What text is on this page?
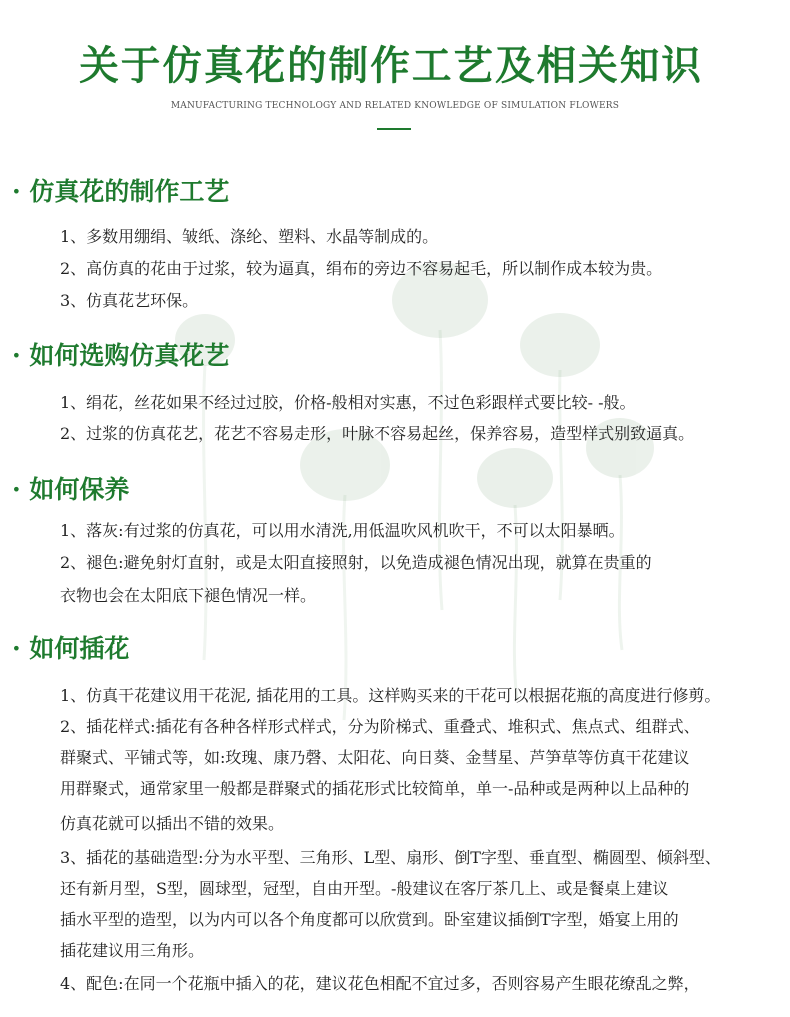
关于仿真花的制作工艺及相关知识
MANUFACTURING TECHNOLOGY AND RELATED KNOWLEDGE OF SIMULATION FLOWERS
· 仿真花的制作工艺
1、多数用绷绢、皱纸、涤纶、塑料、水晶等制成的。
2、高仿真的花由于过浆，较为逼真，绢布的旁边不容易起毛，所以制作成本较为贵。
3、仿真花艺环保。
· 如何选购仿真花艺
1、绢花，丝花如果不经过过胶，价格-般相对实惠，不过色彩跟样式要比较- -般。
2、过浆的仿真花艺，花艺不容易走形，叶脉不容易起丝，保养容易，造型样式别致逼真。
· 如何保养
1、落灰:有过浆的仿真花，可以用水清洗,用低温吹风机吹干，不可以太阳暴晒。
2、褪色:避免射灯直射，或是太阳直接照射，以免造成褪色情况出现，就算在贵重的
衣物也会在太阳底下褪色情况一样。
· 如何插花
1、仿真干花建议用干花泥, 插花用的工具。这样购买来的干花可以根据花瓶的高度进行修剪。
2、插花样式:插花有各种各样形式样式，分为阶梯式、重叠式、堆积式、焦点式、组群式、
群聚式、平铺式等，如:玫瑰、康乃磬、太阳花、向日葵、金彗星、芦笋草等仿真干花建议
用群聚式，通常家里一般都是群聚式的插花形式比较简单，单一-品种或是两种以上品种的
仿真花就可以插出不错的效果。
3、插花的基础造型:分为水平型、三角形、L型、扇形、倒T字型、垂直型、椭圆型、倾斜型、
还有新月型，S型，圆球型，冠型，自由开型。-般建议在客厅茶几上、或是餐桌上建议
插水平型的造型，以为内可以各个角度都可以欣赏到。卧室建议插倒T字型，婚宴上用的
插花建议用三角形。
4、配色:在同一个花瓶中插入的花，建议花色相配不宜过多，否则容易产生眼花缭乱之弊，
